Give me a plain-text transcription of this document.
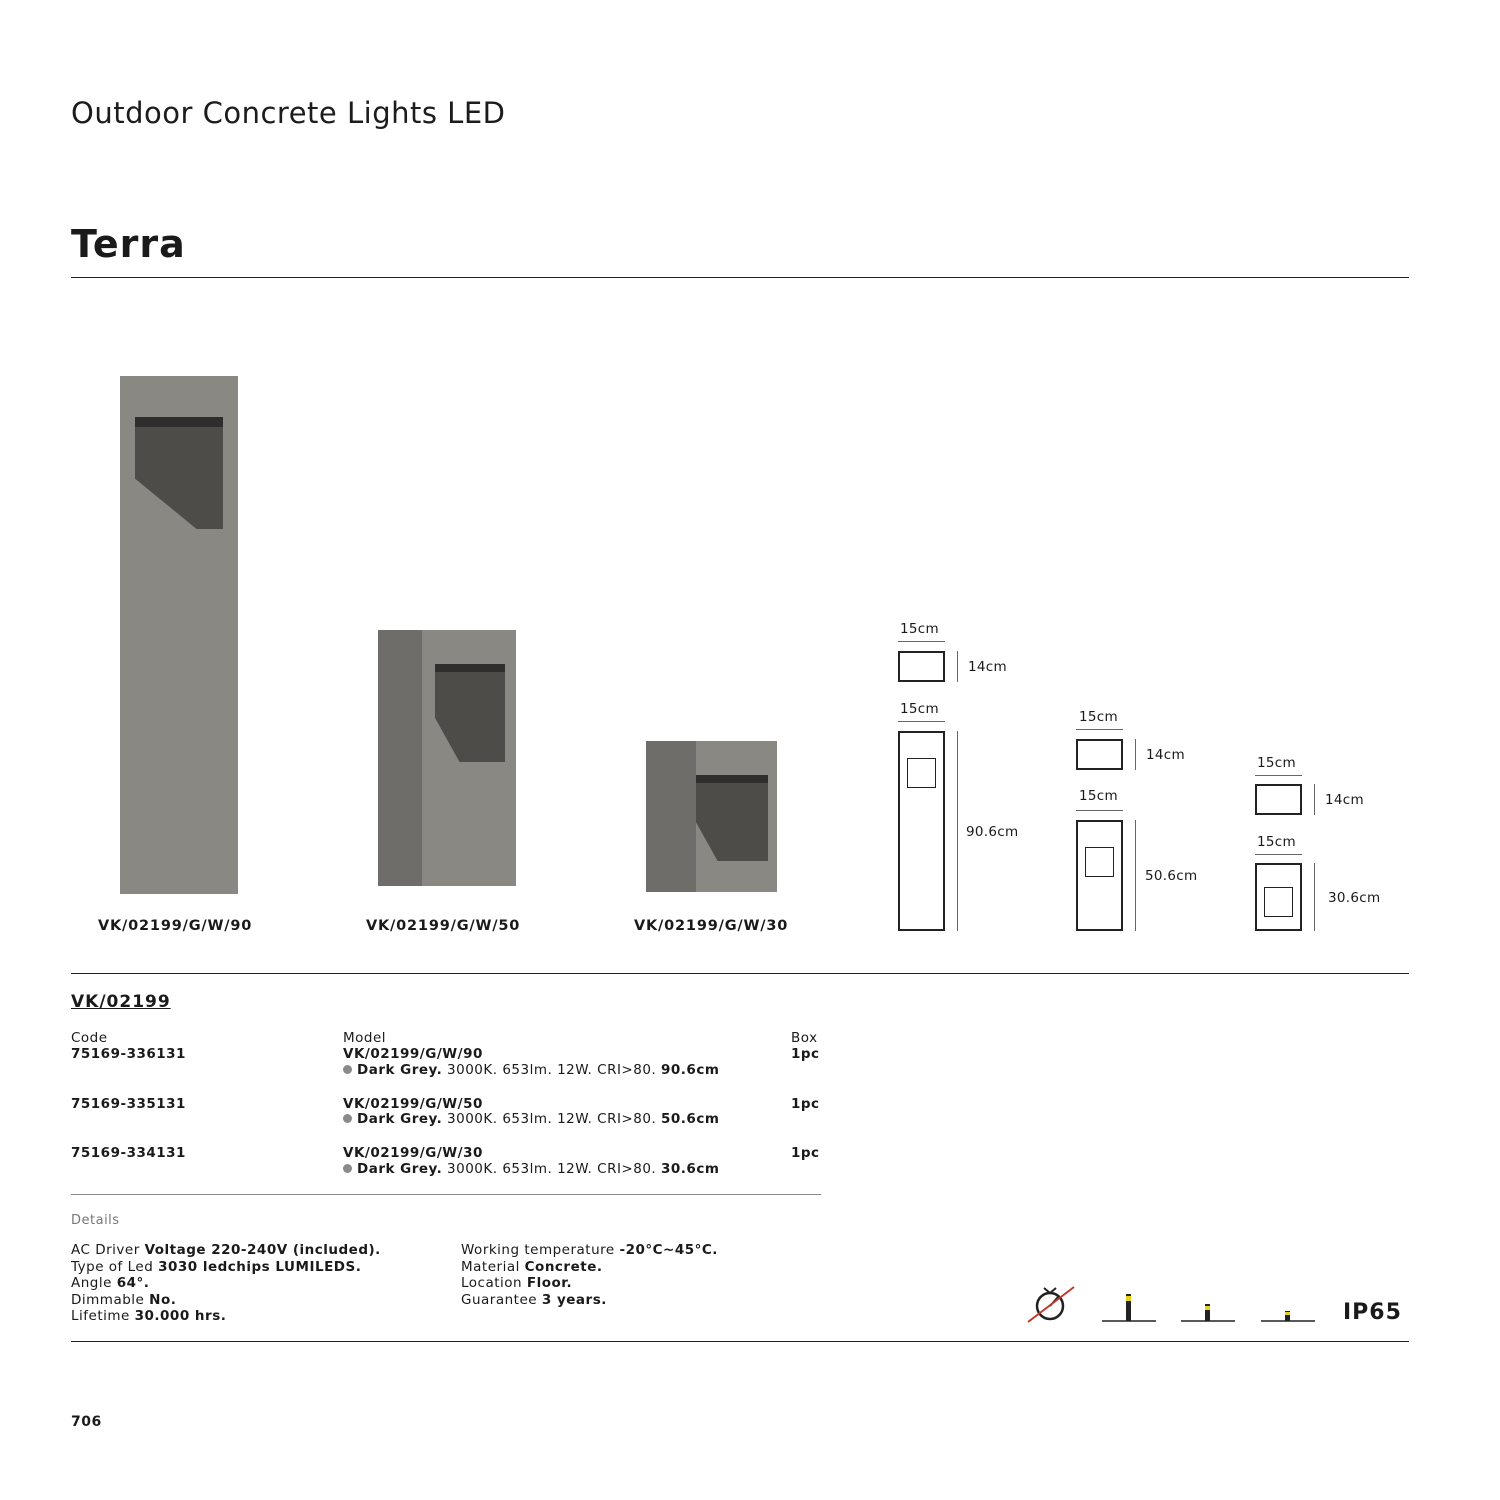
Outdoor Concrete Lights LED
Terra
VK/02199/G/W/90	VK/02199/G/W/50	VK/02199/G/W/30
15cm
14cm
15cm
90.6cm
15cm
14cm
15cm
50.6cm
15cm
14cm
15cm
30.6cm
VK/02199
Code	Model	Box
75169-336131	VK/02199/G/W/90	1pc
Dark Grey. 3000K. 653lm. 12W. CRI>80. 90.6cm
75169-335131	VK/02199/G/W/50	1pc
Dark Grey. 3000K. 653lm. 12W. CRI>80. 50.6cm
75169-334131	VK/02199/G/W/30	1pc
Dark Grey. 3000K. 653lm. 12W. CRI>80. 30.6cm
Details
AC Driver Voltage 220-240V (included).
Type of Led 3030 ledchips LUMILEDS.
Angle 64°.
Dimmable No.
Lifetime 30.000 hrs.
Working temperature -20°C~45°C.
Material Concrete.
Location Floor.
Guarantee 3 years.
IP65
706
